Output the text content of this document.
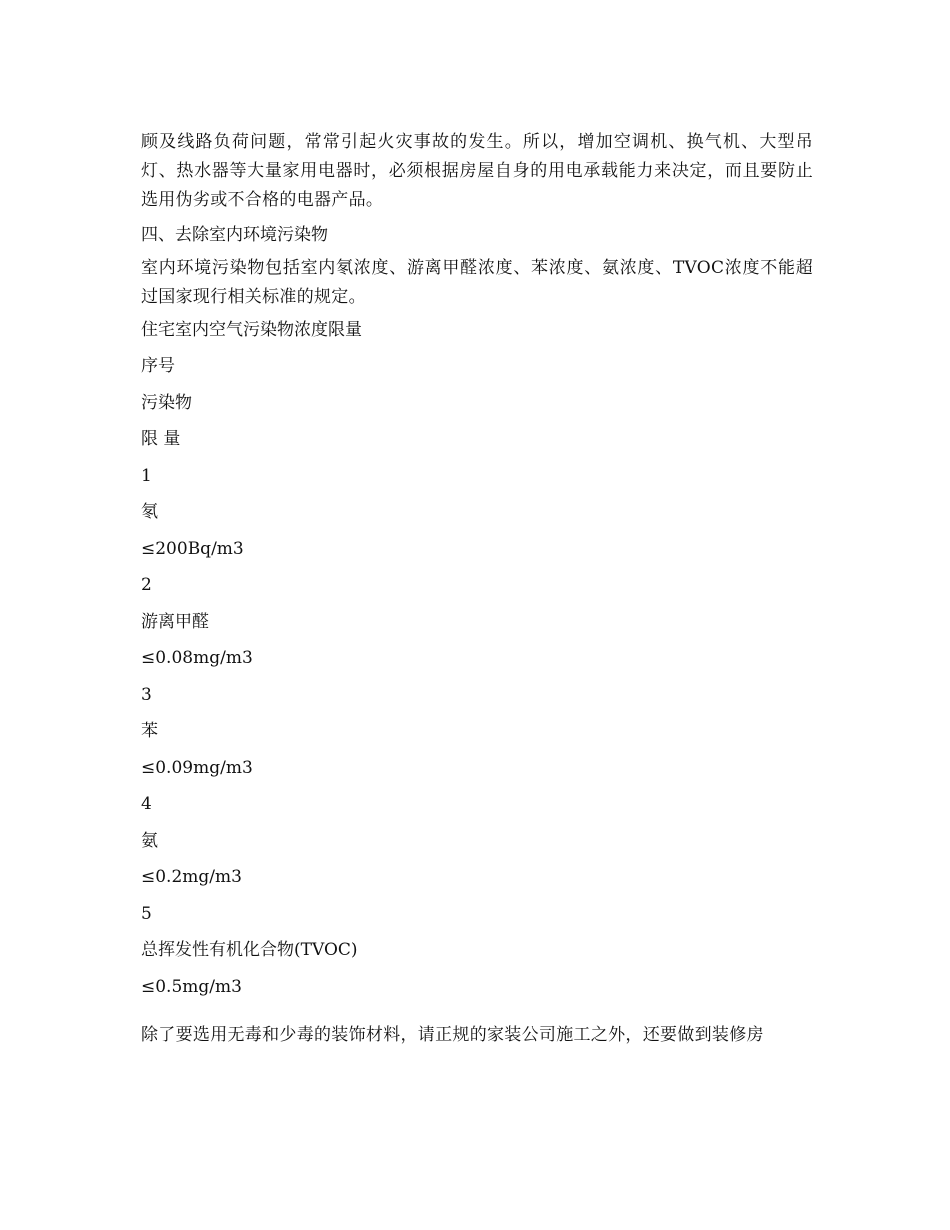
顾及线路负荷问题，常常引起火灾事故的发生。所以，增加空调机、换气机、大型吊灯、热水器等大量家用电器时，必须根据房屋自身的用电承载能力来决定，而且要防止选用伪劣或不合格的电器产品。

四、去除室内环境污染物

室内环境污染物包括室内氡浓度、游离甲醛浓度、苯浓度、氨浓度、TVOC浓度不能超过国家现行相关标准的规定。

住宅室内空气污染物浓度限量

序号

污染物

限 量

1

氡

≤200Bq/m3

2

游离甲醛

≤0.08mg/m3

3

苯

≤0.09mg/m3

4

氨

≤0.2mg/m3

5

总挥发性有机化合物(TVOC)

≤0.5mg/m3

除了要选用无毒和少毒的装饰材料，请正规的家装公司施工之外，还要做到装修房
